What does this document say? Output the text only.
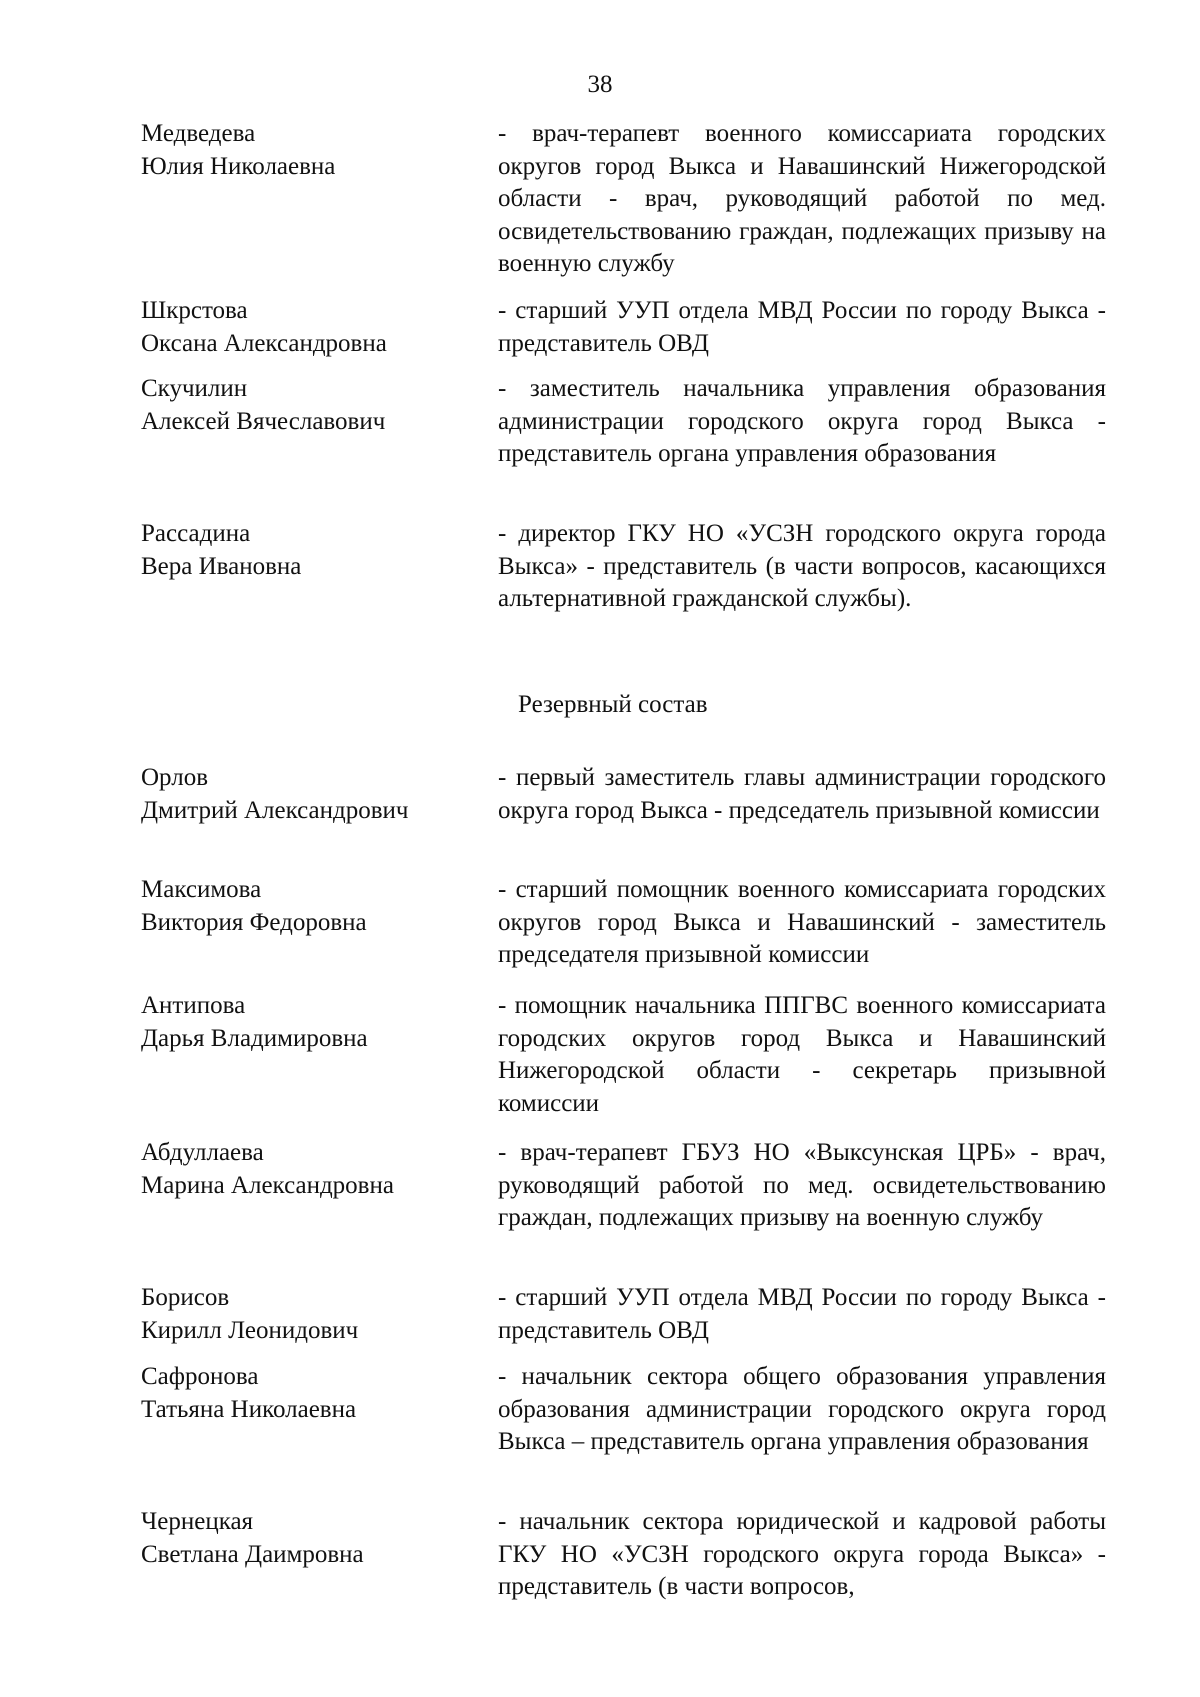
38
Медведева
Юлия Николаевна
- врач-терапевт военного комиссариата городских округов город Выкса и Навашинский Нижегородской области - врач, руководящий работой по мед. освидетельствованию граждан, подлежащих призыву на военную службу
Шкрстова
Оксана Александровна
- старший УУП отдела МВД России по городу Выкса - представитель ОВД
Скучилин
Алексей Вячеславович
- заместитель начальника управления образования администрации городского округа город Выкса - представитель органа управления образования
Рассадина
Вера Ивановна
- директор ГКУ НО «УСЗН городского округа города Выкса» - представитель (в части вопросов, касающихся альтернативной гражданской службы).
Резервный состав
Орлов
Дмитрий Александрович
- первый заместитель главы администрации городского округа город Выкса - председатель призывной комиссии
Максимова
Виктория Федоровна
- старший помощник военного комиссариата городских округов город Выкса и Навашинский - заместитель председателя призывной комиссии
Антипова
Дарья Владимировна
- помощник начальника ППГВС военного комиссариата городских округов город Выкса и Навашинский Нижегородской области - секретарь призывной комиссии
Абдуллаева
Марина Александровна
- врач-терапевт ГБУЗ НО «Выксунская ЦРБ» - врач, руководящий работой по мед. освидетельствованию граждан, подлежащих призыву на военную службу
Борисов
Кирилл Леонидович
- старший УУП отдела МВД России по городу Выкса - представитель ОВД
Сафронова
Татьяна Николаевна
- начальник сектора общего образования управления образования администрации городского округа город Выкса – представитель органа управления образования
Чернецкая
Светлана Даимровна
- начальник сектора юридической и кадровой работы ГКУ НО «УСЗН городского округа города Выкса» - представитель (в части вопросов,
